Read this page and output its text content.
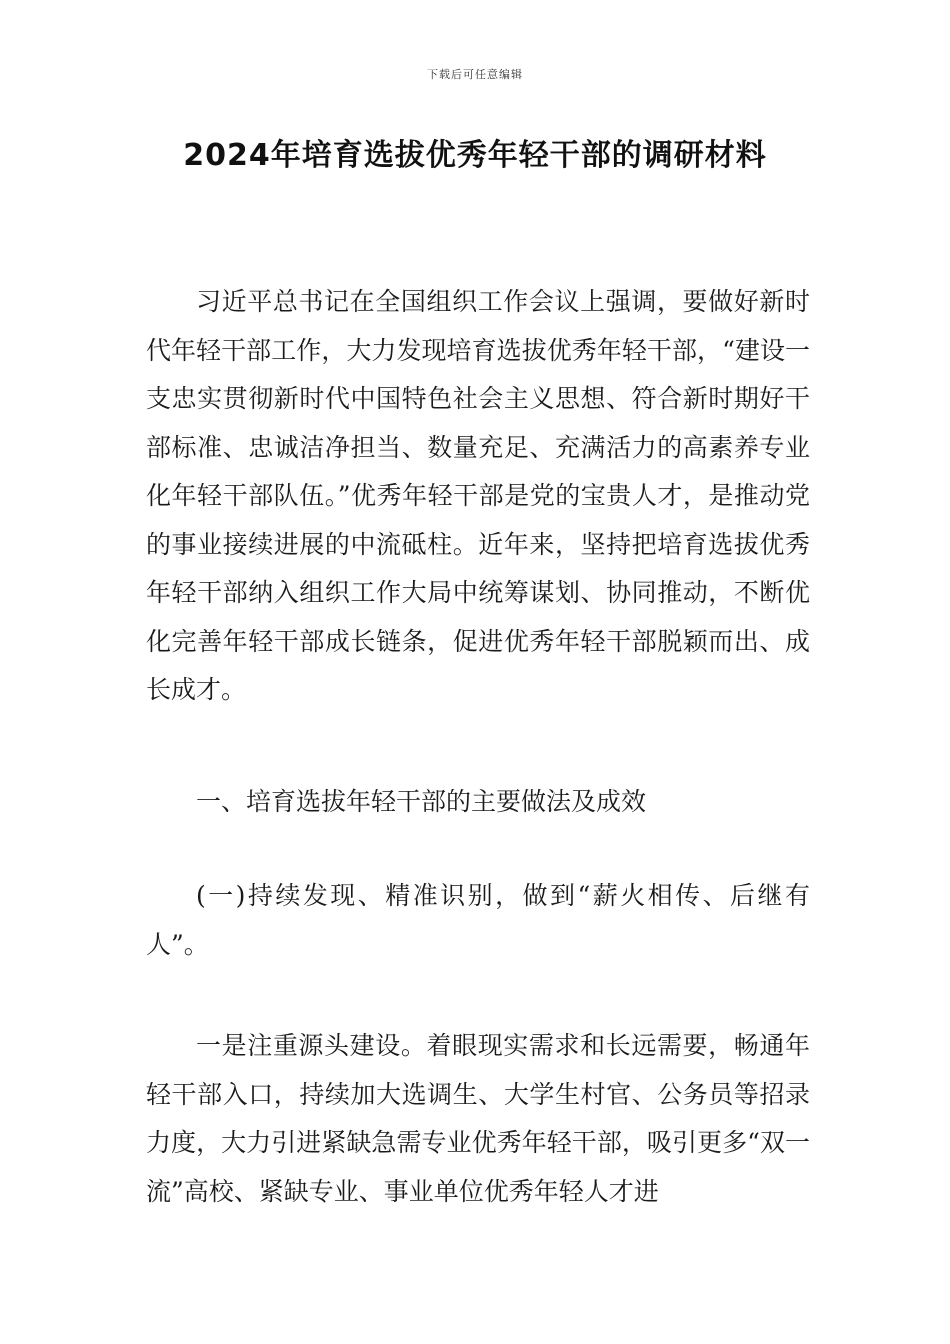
下载后可任意编辑
2024年培育选拔优秀年轻干部的调研材料

习近平总书记在全国组织工作会议上强调，要做好新时代年轻干部工作，大力发现培育选拔优秀年轻干部，“建设一支忠实贯彻新时代中国特色社会主义思想、符合新时期好干部标准、忠诚洁净担当、数量充足、充满活力的高素养专业化年轻干部队伍。”优秀年轻干部是党的宝贵人才，是推动党的事业接续进展的中流砥柱。近年来，坚持把培育选拔优秀年轻干部纳入组织工作大局中统筹谋划、协同推动，不断优化完善年轻干部成长链条，促进优秀年轻干部脱颖而出、成长成才。

一、培育选拔年轻干部的主要做法及成效

(一)持续发现、精准识别，做到“薪火相传、后继有人”。

一是注重源头建设。着眼现实需求和长远需要，畅通年轻干部入口，持续加大选调生、大学生村官、公务员等招录力度，大力引进紧缺急需专业优秀年轻干部，吸引更多“双一流”高校、紧缺专业、事业单位优秀年轻人才进
